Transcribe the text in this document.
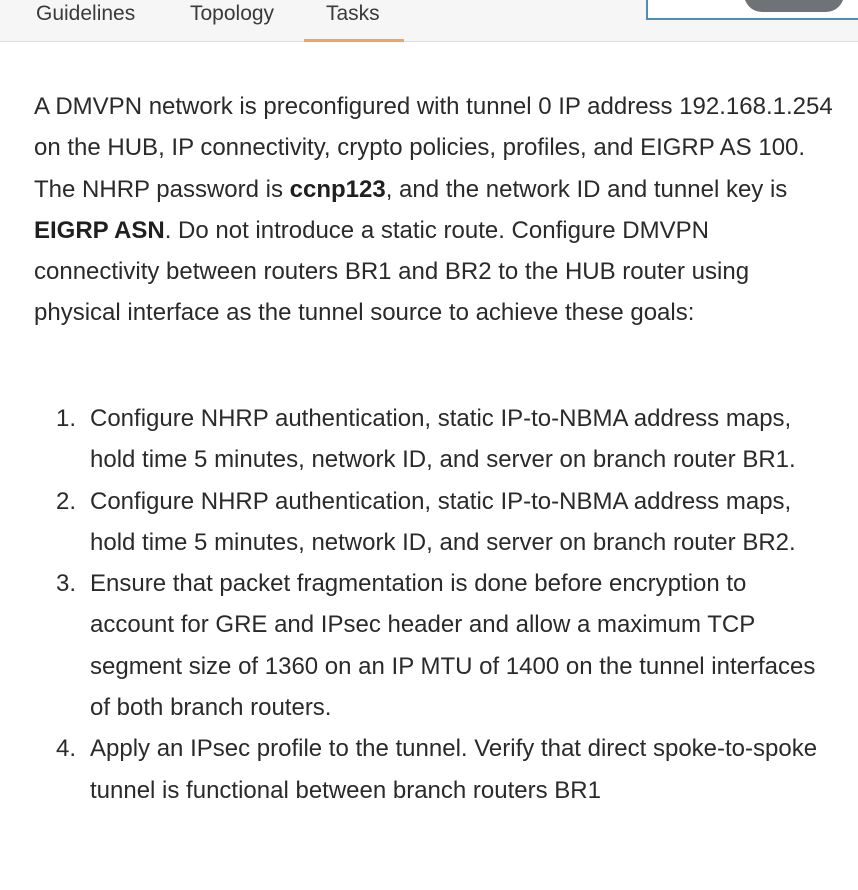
Guidelines	Topology Tasks

A DMVPN network is preconfigured with tunnel 0 IP address 192.168.1.254 on the HUB, IP connectivity, crypto policies, profiles, and EIGRP AS 100. The NHRP password is ccnp123, and the network ID and tunnel key is EIGRP ASN. Do not introduce a static route. Configure DMVPN connectivity between routers BR1 and BR2 to the HUB router using physical interface as the tunnel source to achieve these goals:

1. Configure NHRP authentication, static IP-to-NBMA address maps, hold time 5 minutes, network ID, and server on branch router BR1.
2. Configure NHRP authentication, static IP-to-NBMA address maps, hold time 5 minutes, network ID, and server on branch router BR2.
3. Ensure that packet fragmentation is done before encryption to account for GRE and IPsec header and allow a maximum TCP segment size of 1360 on an IP MTU of 1400 on the tunnel interfaces of both branch routers.
4. Apply an IPsec profile to the tunnel. Verify that direct spoke-to-spoke tunnel is functional between branch routers BR1
